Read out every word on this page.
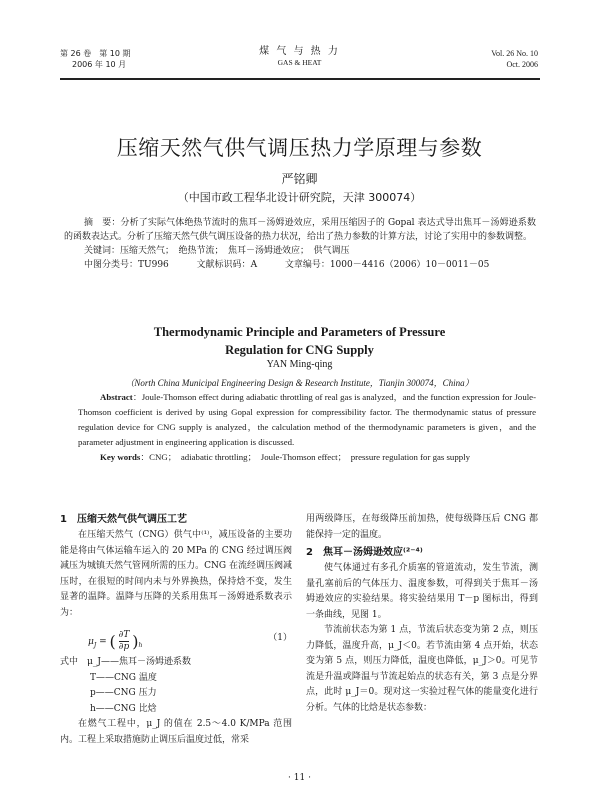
第 26 卷　第 10 期
2006 年 10 月
煤 气 与 热 力
GAS & HEAT
Vol. 26 No. 10
Oct. 2006
压缩天然气供气调压热力学原理与参数
严铭卿
（中国市政工程华北设计研究院，天津 300074）

摘　要：分析了实际气体绝热节流时的焦耳－汤姆逊效应，采用压缩因子的 Gopal 表达式导出焦耳－汤姆逊系数的函数表达式。分析了压缩天然气供气调压设备的热力状况，给出了热力参数的计算方法，讨论了实用中的参数调整。

关键词：压缩天然气；　绝热节流；　焦耳－汤姆逊效应；　供气调压

中图分类号：TU996	文献标识码：A	文章编号：1000－4416（2006）10－0011－05

Thermodynamic Principle and Parameters of Pressure
Regulation for CNG Supply
YAN Ming-qing
（North China Municipal Engineering Design & Research Institute，Tianjin 300074，China）

Abstract：Joule-Thomson effect during adiabatic throttling of real gas is analyzed，and the function expression for Joule-Thomson coefficient is derived by using Gopal expression for compressibility factor. The thermodynamic status of pressure regulation device for CNG supply is analyzed，the calculation method of the thermodynamic parameters is given，and the parameter adjustment in engineering application is discussed.

Key words：CNG；　adiabatic throttling；　Joule-Thomson effect；　pressure regulation for gas supply

1　压缩天然气供气调压工艺

在压缩天然气（CNG）供气中⁽¹⁾，减压设备的主要功能是将由气体运输车运入的 20 MPa 的 CNG 经过调压阀减压为城镇天然气管网所需的压力。CNG 在流经调压阀减压时，在很短的时间内未与外界换热，保持焓不变，发生显著的温降。温降与压降的关系用焦耳－汤姆逊系数表示为：

$\mu_J$ = ( $\frac{\partial T}{\partial p} )_h$
（1）

式中　 μ_J——焦耳－汤姆逊系数

T——CNG 温度

p——CNG 压力

h——CNG 比焓

在燃气工程中，μ_J 的值在 2.5～4.0 K/MPa 范围内。工程上采取措施防止调压后温度过低，常采

用两级降压，在每级降压前加热，使每级降压后 CNG 都能保持一定的温度。

2　焦耳－汤姆逊效应⁽²⁻⁴⁾

使气体通过有多孔介质塞的管道流动，发生节流，测量孔塞前后的气体压力、温度参数，可得到关于焦耳－汤姆逊效应的实验结果。将实验结果用 T－p 图标出，得到一条曲线，见图 1。

节流前状态为第 1 点，节流后状态变为第 2 点，则压力降低，温度升高，μ_J＜0。若节流由第 4 点开始，状态变为第 5 点，则压力降低，温度也降低，μ_J＞0。可见节流是升温或降温与节流起始点的状态有关，第 3 点是分界点，此时 μ_J＝0。现对这一实验过程气体的能量变化进行分析。气体的比焓是状态参数：

· 11 ·
